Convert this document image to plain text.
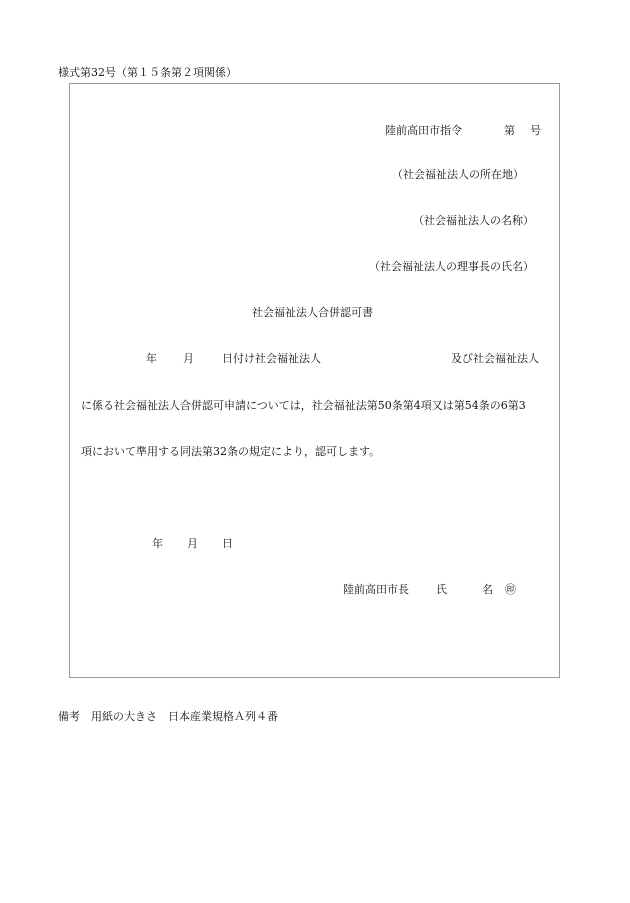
様式第32号（第１５条第２項関係）
陸前高田市指令	第 号
（社会福祉法人の所在地）
（社会福祉法人の名称）
（社会福祉法人の理事長の氏名）
社会福祉法人合併認可書
年 月	日付け社会福祉法人	及び社会福祉法人
に係る社会福祉法人合併認可申請については，社会福祉法第50条第4項又は第54条の6第3
項において準用する同法第32条の規定により，認可します。
年 月 日
陸前高田市長 氏	名 ㊞
備考　用紙の大きさ　日本産業規格Ａ列４番
